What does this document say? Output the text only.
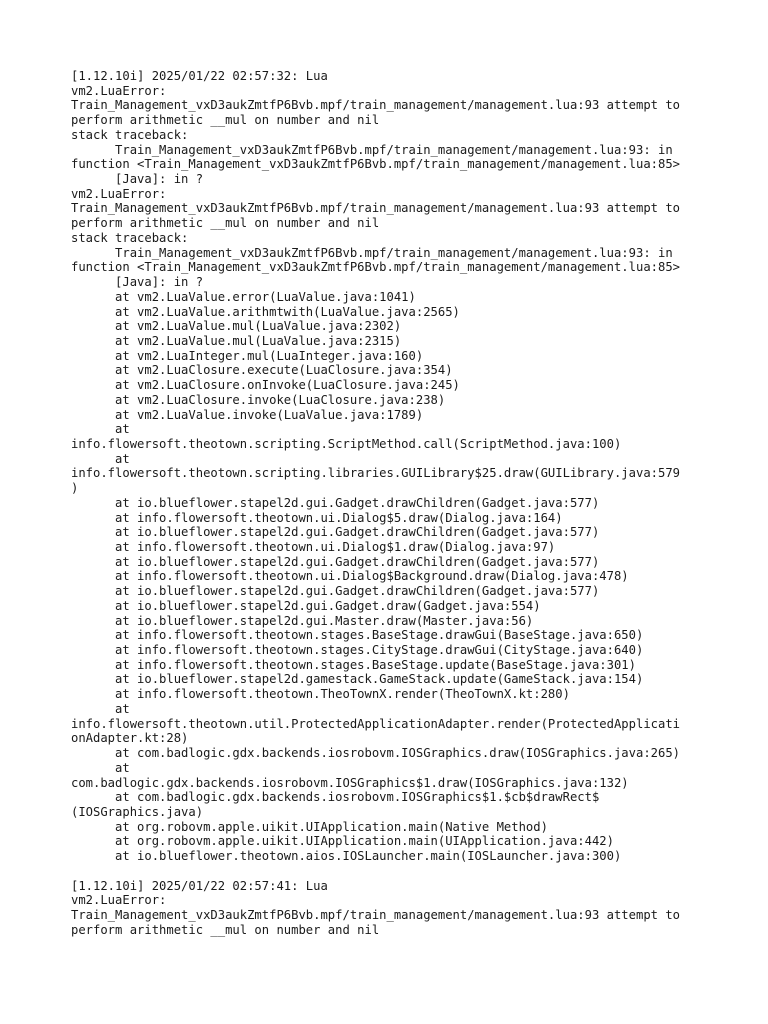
[1.12.10i] 2025/01/22 02:57:32: Lua
vm2.LuaError:
Train_Management_vxD3aukZmtfP6Bvb.mpf/train_management/management.lua:93 attempt to
perform arithmetic __mul on number and nil
stack traceback:
Train_Management_vxD3aukZmtfP6Bvb.mpf/train_management/management.lua:93: in
function <Train_Management_vxD3aukZmtfP6Bvb.mpf/train_management/management.lua:85>
[Java]: in ?
vm2.LuaError:
Train_Management_vxD3aukZmtfP6Bvb.mpf/train_management/management.lua:93 attempt to
perform arithmetic __mul on number and nil
stack traceback:
Train_Management_vxD3aukZmtfP6Bvb.mpf/train_management/management.lua:93: in
function <Train_Management_vxD3aukZmtfP6Bvb.mpf/train_management/management.lua:85>
[Java]: in ?
at vm2.LuaValue.error(LuaValue.java:1041)
at vm2.LuaValue.arithmtwith(LuaValue.java:2565)
at vm2.LuaValue.mul(LuaValue.java:2302)
at vm2.LuaValue.mul(LuaValue.java:2315)
at vm2.LuaInteger.mul(LuaInteger.java:160)
at vm2.LuaClosure.execute(LuaClosure.java:354)
at vm2.LuaClosure.onInvoke(LuaClosure.java:245)
at vm2.LuaClosure.invoke(LuaClosure.java:238)
at vm2.LuaValue.invoke(LuaValue.java:1789)
at
info.flowersoft.theotown.scripting.ScriptMethod.call(ScriptMethod.java:100)
at
info.flowersoft.theotown.scripting.libraries.GUILibrary$25.draw(GUILibrary.java:579
)
at io.blueflower.stapel2d.gui.Gadget.drawChildren(Gadget.java:577)
at info.flowersoft.theotown.ui.Dialog$5.draw(Dialog.java:164)
at io.blueflower.stapel2d.gui.Gadget.drawChildren(Gadget.java:577)
at info.flowersoft.theotown.ui.Dialog$1.draw(Dialog.java:97)
at io.blueflower.stapel2d.gui.Gadget.drawChildren(Gadget.java:577)
at info.flowersoft.theotown.ui.Dialog$Background.draw(Dialog.java:478)
at io.blueflower.stapel2d.gui.Gadget.drawChildren(Gadget.java:577)
at io.blueflower.stapel2d.gui.Gadget.draw(Gadget.java:554)
at io.blueflower.stapel2d.gui.Master.draw(Master.java:56)
at info.flowersoft.theotown.stages.BaseStage.drawGui(BaseStage.java:650)
at info.flowersoft.theotown.stages.CityStage.drawGui(CityStage.java:640)
at info.flowersoft.theotown.stages.BaseStage.update(BaseStage.java:301)
at io.blueflower.stapel2d.gamestack.GameStack.update(GameStack.java:154)
at info.flowersoft.theotown.TheoTownX.render(TheoTownX.kt:280)
at
info.flowersoft.theotown.util.ProtectedApplicationAdapter.render(ProtectedApplicati
onAdapter.kt:28)
at com.badlogic.gdx.backends.iosrobovm.IOSGraphics.draw(IOSGraphics.java:265)
at
com.badlogic.gdx.backends.iosrobovm.IOSGraphics$1.draw(IOSGraphics.java:132)
at com.badlogic.gdx.backends.iosrobovm.IOSGraphics$1.$cb$drawRect$
(IOSGraphics.java)
at org.robovm.apple.uikit.UIApplication.main(Native Method)
at org.robovm.apple.uikit.UIApplication.main(UIApplication.java:442)
at io.blueflower.theotown.aios.IOSLauncher.main(IOSLauncher.java:300)
[1.12.10i] 2025/01/22 02:57:41: Lua
vm2.LuaError:
Train_Management_vxD3aukZmtfP6Bvb.mpf/train_management/management.lua:93 attempt to
perform arithmetic __mul on number and nil
